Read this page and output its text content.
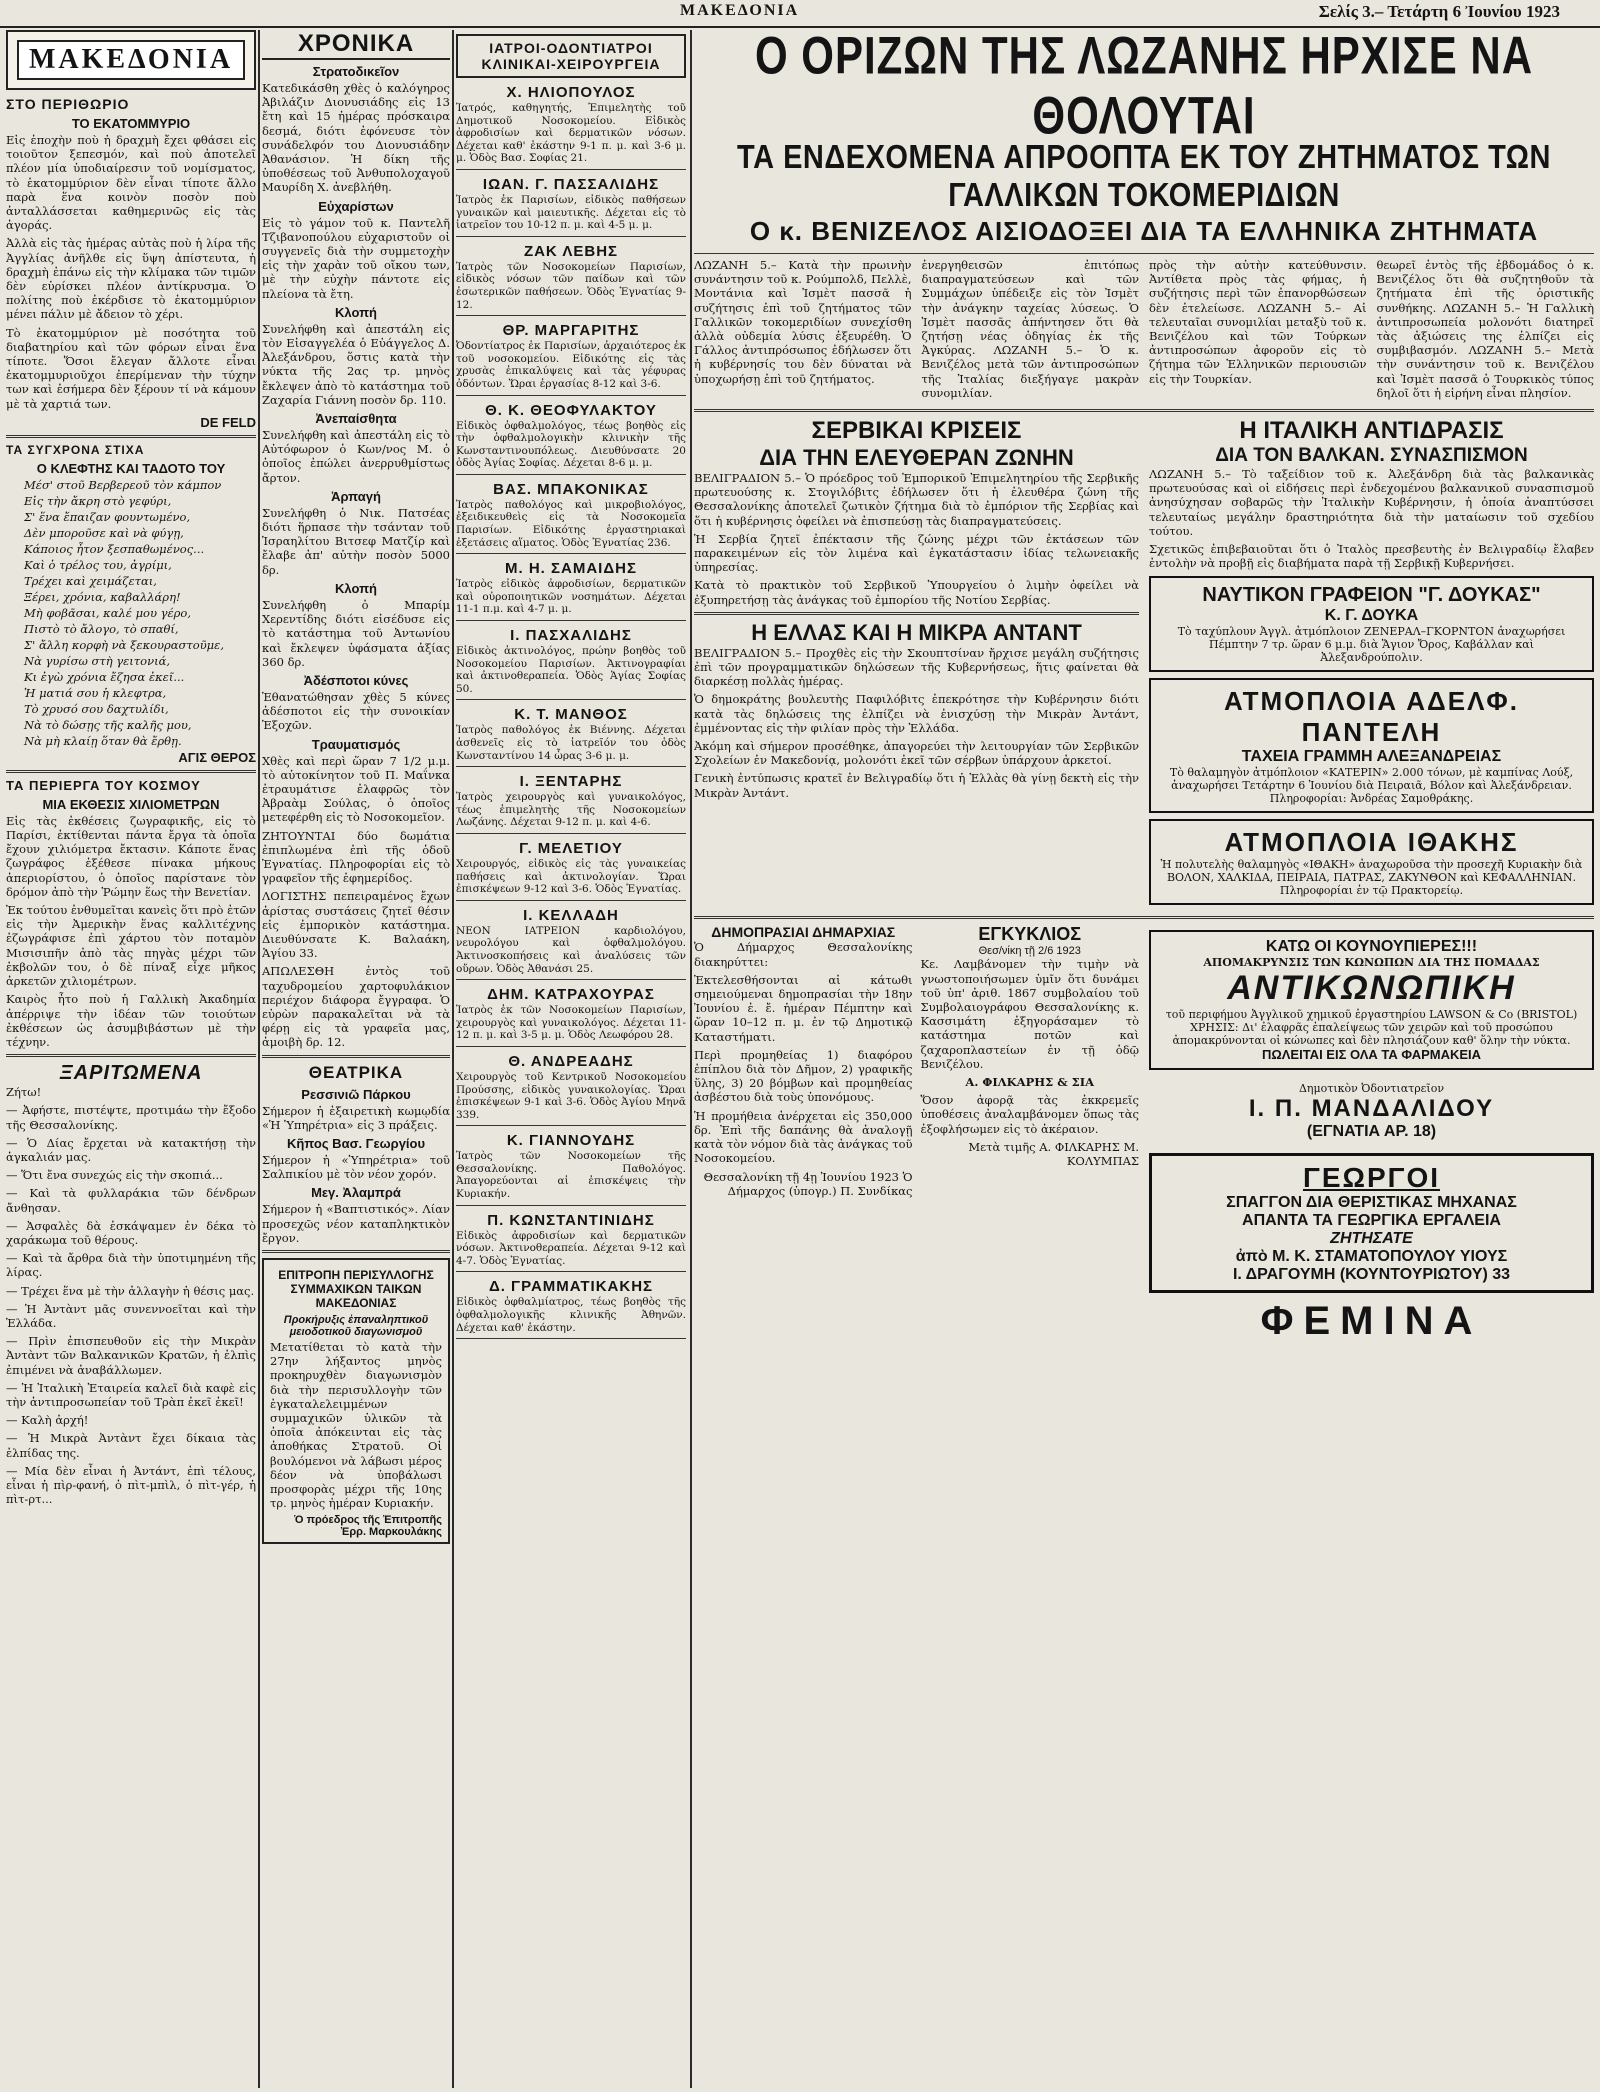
ΜΑΚΕΔΟΝΙΑ	Σελίς 3.– Τετάρτη 6 Ἰουνίου 1923
ΜΑΚΕΔΟΝΙΑ
ΣΤΟ ΠΕΡΙΘΩΡΙΟ
ΤΟ ΕΚΑΤΟΜΜΥΡΙΟ

Εἰς ἐποχὴν ποὺ ἡ δραχμὴ ἔχει φθάσει εἰς τοιοῦτον ξεπεσμόν, καὶ ποὺ ἀποτελεῖ πλέον μία ὑποδιαίρεσιν τοῦ νομίσματος, τὸ ἑκατομμύριον δὲν εἶναι τίποτε ἄλλο παρὰ ἕνα κοινὸν ποσὸν ποὺ ἀνταλλάσσεται καθημερινῶς εἰς τὰς ἀγοράς.

Ἀλλὰ εἰς τὰς ἡμέρας αὐτὰς ποὺ ἡ λίρα τῆς Ἀγγλίας ἀνῆλθε εἰς ὕψη ἀπίστευτα, ἡ δραχμὴ ἐπάνω εἰς τὴν κλίμακα τῶν τιμῶν δὲν εὑρίσκει πλέον ἀντίκρυσμα. Ὁ πολίτης ποὺ ἐκέρδισε τὸ ἑκατομμύριον μένει πάλιν μὲ ἄδειον τὸ χέρι.

Τὸ ἑκατομμύριον μὲ ποσότητα τοῦ διαβατηρίου καὶ τῶν φόρων εἶναι ἕνα τίποτε. Ὅσοι ἔλεγαν ἄλλοτε εἶναι ἐκατομμυριοῦχοι ἐπερίμεναν τὴν τύχην των καὶ ἐσήμερα δὲν ξέρουν τί νὰ κάμουν μὲ τὰ χαρτιά των.

DE FELD
ΤΑ ΣΥΓΧΡΟΝΑ ΣΤΙΧΑ
Ο ΚΛΕΦΤΗΣ ΚΑΙ ΤΑΔΟΤΟ ΤΟΥ
Μέσ' στοῦ Βερβερεοῦ τὸν κάμπον
Εἰς τὴν ἄκρη στὸ γεφύρι,
Σ' ἕνα ἔπαιζαν φουντωμένο,
Δὲν μποροῦσε καὶ νὰ φύγῃ,
Κάποιος ἦτον ξεσπαθωμένος...
Καὶ ὁ τρέλος του, ἀγρίμι,
Τρέχει καὶ χειμάζεται,
Ξέρει, χρόνια, καβαλλάρη!
Μὴ φοβᾶσαι, καλέ μου γέρο,
Πιστὸ τὸ ἄλογο, τὸ σπαθί,
Σ' ἄλλη κορφὴ νὰ ξεκουραστοῦμε,
Νὰ γυρίσω στὴ γειτονιά,
Κι ἐγὼ χρόνια ἔζησα ἐκεῖ...
Ἡ ματιά σου ἡ κλεφτρα,
Τὸ χρυσό σου δαχτυλίδι,
Νὰ τὸ δώσῃς τῆς καλῆς μου,
Νὰ μὴ κλαίῃ ὅταν θὰ ἔρθῃ.
ΑΓΙΣ ΘΕΡΟΣ
ΤΑ ΠΕΡΙΕΡΓΑ ΤΟΥ ΚΟΣΜΟΥ
ΜΙΑ ΕΚΘΕΣΙΣ ΧΙΛΙΟΜΕΤΡΩΝ

Εἰς τὰς ἐκθέσεις ζωγραφικῆς, εἰς τὸ Παρίσι, ἐκτίθενται πάντα ἔργα τὰ ὁποῖα ἔχουν χιλιόμετρα ἔκτασιν. Κάποτε ἕνας ζωγράφος ἐξέθεσε πίνακα μήκους ἀπεριορίστου, ὁ ὁποῖος παρίστανε τὸν δρόμον ἀπὸ τὴν Ῥώμην ἕως τὴν Βενετίαν.

Ἐκ τούτου ἐνθυμεῖται κανεὶς ὅτι πρὸ ἐτῶν εἰς τὴν Ἀμερικὴν ἕνας καλλιτέχνης ἐζωγράφισε ἐπὶ χάρτου τὸν ποταμὸν Μισισιπῆν ἀπὸ τὰς πηγὰς μέχρι τῶν ἐκβολῶν του, ὁ δὲ πίναξ εἶχε μῆκος ἀρκετῶν χιλιομέτρων.

Καιρὸς ἦτο ποὺ ἡ Γαλλικὴ Ἀκαδημία ἀπέρριψε τὴν ἰδέαν τῶν τοιούτων ἐκθέσεων ὡς ἀσυμβιβάστων μὲ τὴν τέχνην.

ΞΑΡΙΤΩΜΕΝΑ

Ζήτω!

— Ἀφήστε, πιστέψτε, προτιμάω τὴν ἔξοδο τῆς Θεσσαλονίκης.

— Ὁ Δίας ἔρχεται νὰ κατακτήσῃ τὴν ἀγκαλιάν μας.

— Ὅτι ἔνα συνεχώς εἰς τὴν σκοπιά...

— Καὶ τὰ φυλλαράκια τῶν δένδρων ἄνθησαν.

— Ἀσφαλὲς δὰ ἐσκάψαμεν ἐν δέκα τὸ χαράκωμα τοῦ θέρους.

— Καὶ τὰ ἄρθρα διὰ τὴν ὑποτιμημένη τῆς λίρας.

— Τρέχει ἕνα μὲ τὴν ἀλλαγὴν ἡ θέσις μας.

— Ἡ Ἀντὰντ μᾶς συνεννοεῖται καὶ τὴν Ἑλλάδα.

— Πρὶν ἐπισπευθοῦν εἰς τὴν Μικρὰν Ἀντὰντ τῶν Βαλκανικῶν Κρατῶν, ἡ ἐλπὶς ἐπιμένει νὰ ἀναβάλλωμεν.

— Ἡ Ἰταλικὴ Ἑταιρεία καλεῖ διὰ καφὲ εἰς τὴν ἀντιπροσωπείαν τοῦ Τρὰπ ἐκεῖ ἐκεῖ!

— Καλὴ ἀρχή!

— Ἡ Μικρὰ Ἀντὰντ ἔχει δίκαια τὰς ἐλπίδας της.

— Μία δὲν εἶναι ἡ Ἀντάντ, ἐπὶ τέλους, εἶναι ἡ πὶρ-φανή, ὁ πὶτ-μπὶλ, ὁ πὶτ-γέρ, ἡ πὶτ-ρτ...

ΧΡΟΝΙΚΑ
Στρατοδικεῖον

Κατεδικάσθη χθὲς ὁ καλόγηρος Ἀβιλάζιν Διονυσιάδης εἰς 13 ἔτη καὶ 15 ἡμέρας πρόσκαιρα δεσμά, διότι ἐφόνευσε τὸν συνάδελφόν του Διονυσιάδην Ἀθανάσιον. Ἡ δίκη τῆς ὑποθέσεως τοῦ Ἀνθυπολοχαγοῦ Μαυρίδη Χ. ἀνεβλήθη.

Εὐχαρίστων

Εἰς τὸ γάμον τοῦ κ. Παντελῆ Τζιβανοπούλου εὐχαριστοῦν οἱ συγγενεῖς διὰ τὴν συμμετοχὴν εἰς τὴν χαρὰν τοῦ οἴκου των, μὲ τὴν εὐχὴν πάντοτε εἰς πλείονα τὰ ἔτη.

Κλοπή

Συνελήφθη καὶ ἀπεστάλη εἰς τὸν Εἰσαγγελέα ὁ Εὐάγγελος Δ. Ἀλεξάνδρου, ὅστις κατὰ τὴν νύκτα τῆς 2ας τρ. μηνὸς ἔκλεψεν ἀπὸ τὸ κατάστημα τοῦ Ζαχαρία Γιάννη ποσὸν δρ. 110.

Ἀνεπαίσθητα

Συνελήφθη καὶ ἀπεστάλη εἰς τὸ Αὐτόφωρον ὁ Κων/νος Μ. ὁ ὁποῖος ἐπώλει ἀνερρυθμίστως ἄρτον.

Ἁρπαγή

Συνελήφθη ὁ Νικ. Πατσέας διότι ἥρπασε τὴν τσάνταν τοῦ Ἰσραηλίτου Βιτσεφ Ματζίρ καὶ ἔλαβε ἀπ' αὐτὴν ποσὸν 5000 δρ.

Κλοπή

Συνελήφθη ὁ Μπαρίμ Χερεντίδης διότι εἰσέδυσε εἰς τὸ κατάστημα τοῦ Ἀντωνίου καὶ ἔκλεψεν ὑφάσματα ἀξίας 360 δρ.

Ἀδέσποτοι κύνες

Ἐθανατώθησαν χθὲς 5 κύνες ἀδέσποτοι εἰς τὴν συνοικίαν Ἐξοχῶν.

Τραυματισμός

Χθὲς καὶ περὶ ὥραν 7 1/2 μ.μ. τὸ αὐτοκίνητον τοῦ Π. Μαΐνκα ἐτραυμάτισε ἐλαφρῶς τὸν Ἀβραὰμ Σούλας, ὁ ὁποῖος μετεφέρθη εἰς τὸ Νοσοκομεῖον.

ΖΗΤΟΥΝΤΑΙ δύο δωμάτια ἐπιπλωμένα ἐπὶ τῆς ὁδοῦ Ἐγνατίας. Πληροφορίαι εἰς τὸ γραφεῖον τῆς ἐφημερίδος.

ΛΟΓΙΣΤΗΣ πεπειραμένος ἔχων ἀρίστας συστάσεις ζητεῖ θέσιν εἰς ἐμπορικὸν κατάστημα. Διευθύνσατε Κ. Βαλαάκη, Ἁγίου 33.

ΑΠΩΛΕΣΘΗ ἐντὸς τοῦ ταχυδρομείου χαρτοφυλάκιον περιέχον διάφορα ἔγγραφα. Ὁ εὑρὼν παρακαλεῖται νὰ τὰ φέρῃ εἰς τὰ γραφεῖα μας, ἀμοιβὴ δρ. 12.

ΘΕΑΤΡΙΚΑ
Ρεσσινιῶ Πάρκου

Σήμερον ἡ ἐξαιρετικὴ κωμῳδία «Ἡ Ὑπηρέτρια» εἰς 3 πράξεις.

Κῆπος Βασ. Γεωργίου

Σήμερον ἡ «Ὑπηρέτρια» τοῦ Σαλπικίου μὲ τὸν νέον χορόν.

Μεγ. Ἀλαμπρά

Σήμερον ἡ «Βαπτιστικός». Λίαν προσεχῶς νέον καταπληκτικὸν ἔργον.

ΕΠΙΤΡΟΠΗ ΠΕΡΙΣΥΛΛΟΓΗΣ ΣΥΜΜΑΧΙΚΩΝ ΤΑΙΚΩΝ ΜΑΚΕΔΟΝΙΑΣ
Προκήρυξις ἐπαναληπτικοῦ μειοδοτικοῦ διαγωνισμοῦ

Μετατίθεται τὸ κατὰ τὴν 27ην λήξαντος μηνὸς προκηρυχθὲν διαγωνισμὸν διὰ τὴν περισυλλογὴν τῶν ἐγκαταλελειμμένων συμμαχικῶν ὑλικῶν τὰ ὁποῖα ἀπόκεινται εἰς τὰς ἀποθήκας Στρατοῦ. Οἱ βουλόμενοι νὰ λάβωσι μέρος δέον νὰ ὑποβάλωσι προσφορὰς μέχρι τῆς 10ης τρ. μηνὸς ἡμέραν Κυριακήν.

Ὁ πρόεδρος τῆς Ἐπιτροπῆς Ἐρρ. Μαρκουλάκης
ΙΑΤΡΟΙ-ΟΔΟΝΤΙΑΤΡΟΙ ΚΛΙΝΙΚΑΙ-ΧΕΙΡΟΥΡΓΕΙΑ
Χ. ΗΛΙΟΠΟΥΛΟΣ

Ἰατρός, καθηγητής, Ἐπιμελητὴς τοῦ Δημοτικοῦ Νοσοκομείου. Εἰδικὸς ἀφροδισίων καὶ δερματικῶν νόσων. Δέχεται καθ' ἑκάστην 9-1 π. μ. καὶ 3-6 μ. μ. Ὁδὸς Βασ. Σοφίας 21.

ΙΩΑΝ. Γ. ΠΑΣΣΑΛΙΔΗΣ

Ἰατρὸς ἐκ Παρισίων, εἰδικὸς παθήσεων γυναικῶν καὶ μαιευτικῆς. Δέχεται εἰς τὸ ἰατρεῖον του 10-12 π. μ. καὶ 4-5 μ. μ.

ΖΑΚ ΛΕΒΗΣ

Ἰατρὸς τῶν Νοσοκομείων Παρισίων, εἰδικὸς νόσων τῶν παίδων καὶ τῶν ἐσωτερικῶν παθήσεων. Ὁδὸς Ἐγνατίας 9-12.

ΘΡ. ΜΑΡΓΑΡΙΤΗΣ

Ὀδοντίατρος ἐκ Παρισίων, ἀρχαιότερος ἐκ τοῦ νοσοκομείου. Εἰδικότης εἰς τὰς χρυσὰς ἐπικαλύψεις καὶ τὰς γέφυρας ὀδόντων. Ὥραι ἐργασίας 8-12 καὶ 3-6.

Θ. Κ. ΘΕΟΦΥΛΑΚΤΟΥ

Εἰδικὸς ὀφθαλμολόγος, τέως βοηθὸς εἰς τὴν ὀφθαλμολογικὴν κλινικὴν τῆς Κωνσταντινουπόλεως. Διευθύνσατε 20 ὁδὸς Ἀγίας Σοφίας. Δέχεται 8-6 μ. μ.

ΒΑΣ. ΜΠΑΚΟΝΙΚΑΣ

Ἰατρὸς παθολόγος καὶ μικροβιολόγος, ἐξειδικευθεὶς εἰς τὰ Νοσοκομεῖα Παρισίων. Εἰδικότης ἐργαστηριακαὶ ἐξετάσεις αἵματος. Ὁδὸς Ἐγνατίας 236.

Μ. Η. ΣΑΜΑΙΔΗΣ

Ἰατρὸς εἰδικὸς ἀφροδισίων, δερματικῶν καὶ οὐροποιητικῶν νοσημάτων. Δέχεται 11-1 π.μ. καὶ 4-7 μ. μ.

Ι. ΠΑΣΧΑΛΙΔΗΣ

Εἰδικὸς ἀκτινολόγος, πρώην βοηθὸς τοῦ Νοσοκομείου Παρισίων. Ἀκτινογραφίαι καὶ ἀκτινοθεραπεία. Ὁδὸς Ἁγίας Σοφίας 50.

Κ. Τ. ΜΑΝΘΟΣ

Ἰατρὸς παθολόγος ἐκ Βιέννης. Δέχεται ἀσθενεῖς εἰς τὸ ἰατρεῖόν του ὁδὸς Κωνσταντίνου 14 ὧρας 3-6 μ. μ.

Ι. ΞΕΝΤΑΡΗΣ

Ἰατρὸς χειρουργὸς καὶ γυναικολόγος, τέως ἐπιμελητὴς τῆς Νοσοκομείων Λωζάνης. Δέχεται 9-12 π. μ. καὶ 4-6.

Γ. ΜΕΛΕΤΙΟΥ

Χειρουργός, εἰδικὸς εἰς τὰς γυναικείας παθήσεις καὶ ἀκτινολογίαν. Ὥραι ἐπισκέψεων 9-12 καὶ 3-6. Ὁδὸς Ἐγνατίας.

Ι. ΚΕΛΛΑΔΗ

ΝΕΟΝ ΙΑΤΡΕΙΟΝ καρδιολόγου, νευρολόγου καὶ ὀφθαλμολόγου. Ἀκτινοσκοπήσεις καὶ ἀναλύσεις τῶν οὔρων. Ὁδὸς Ἀθανάσι 25.

ΔΗΜ. ΚΑΤΡΑΧΟΥΡΑΣ

Ἰατρὸς ἐκ τῶν Νοσοκομείων Παρισίων, χειρουργὸς καὶ γυναικολόγος. Δέχεται 11-12 π. μ. καὶ 3-5 μ. μ. Ὁδὸς Λεωφόρου 28.

Θ. ΑΝΔΡΕΑΔΗΣ

Χειρουργὸς τοῦ Κεντρικοῦ Νοσοκομείου Προύσσης, εἰδικὸς γυναικολογίας. Ὥραι ἐπισκέψεων 9-1 καὶ 3-6. Ὁδὸς Ἀγίου Μηνᾶ 339.

Κ. ΓΙΑΝΝΟΥΔΗΣ

Ἰατρὸς τῶν Νοσοκομείων τῆς Θεσσαλονίκης. Παθολόγος. Ἀπαγορεύονται αἱ ἐπισκέψεις τὴν Κυριακήν.

Π. ΚΩΝΣΤΑΝΤΙΝΙΔΗΣ

Εἰδικὸς ἀφροδισίων καὶ δερματικῶν νόσων. Ἀκτινοθεραπεία. Δέχεται 9-12 καὶ 4-7. Ὁδὸς Ἐγνατίας.

Δ. ΓΡΑΜΜΑΤΙΚΑΚΗΣ

Εἰδικὸς ὀφθαλμίατρος, τέως βοηθὸς τῆς ὀφθαλμολογικῆς κλινικῆς Ἀθηνῶν. Δέχεται καθ' ἑκάστην.

Ο ΟΡΙΖΩΝ ΤΗΣ ΛΩΖΑΝΗΣ ΗΡΧΙΣΕ ΝΑ ΘΟΛΟΥΤΑΙ
ΤΑ ΕΝΔΕΧΟΜΕΝΑ ΑΠΡΟΟΠΤΑ ΕΚ ΤΟΥ ΖΗΤΗΜΑΤΟΣ ΤΩΝ ΓΑΛΛΙΚΩΝ ΤΟΚΟΜΕΡΙΔΙΩΝ
Ο κ. ΒΕΝΙΖΕΛΟΣ ΑΙΣΙΟΔΟΞΕΙ ΔΙΑ ΤΑ ΕΛΛΗΝΙΚΑ ΖΗΤΗΜΑΤΑ

ΛΩΖΑΝΗ 5.– Κατὰ τὴν πρωινὴν συνάντησιν τοῦ κ. Ρούμπολδ, Πελλὲ, Μοντάνια καὶ Ἰσμὲτ πασσᾶ ἡ συζήτησις ἐπὶ τοῦ ζητήματος τῶν Γαλλικῶν τοκομεριδίων συνεχίσθη ἀλλὰ οὐδεμία λύσις ἐξευρέθη. Ὁ Γάλλος ἀντιπρόσωπος ἐδήλωσεν ὅτι ἡ κυβέρνησίς του δὲν δύναται νὰ ὑποχωρήσῃ ἐπὶ τοῦ ζητήματος.

ἐνεργηθεισῶν ἐπιτόπως διαπραγματεύσεων καὶ τῶν Συμμάχων ὑπέδειξε εἰς τὸν Ἰσμὲτ τὴν ἀνάγκην ταχείας λύσεως. Ὁ Ἰσμὲτ πασσᾶς ἀπήντησεν ὅτι θὰ ζητήσῃ νέας ὁδηγίας ἐκ τῆς Ἀγκύρας. ΛΩΖΑΝΗ 5.– Ὁ κ. Βενιζέλος μετὰ τῶν ἀντιπροσώπων τῆς Ἰταλίας διεξήγαγε μακρὰν συνομιλίαν.

πρὸς τὴν αὐτὴν κατεύθυνσιν. Ἀντίθετα πρὸς τὰς φήμας, ἡ συζήτησις περὶ τῶν ἐπανορθώσεων δὲν ἐτελείωσε. ΛΩΖΑΝΗ 5.– Αἱ τελευταῖαι συνομιλίαι μεταξὺ τοῦ κ. Βενιζέλου καὶ τῶν Τούρκων ἀντιπροσώπων ἀφοροῦν εἰς τὸ ζήτημα τῶν Ἑλληνικῶν περιουσιῶν εἰς τὴν Τουρκίαν.

θεωρεῖ ἐντὸς τῆς ἑβδομάδος ὁ κ. Βενιζέλος ὅτι θὰ συζητηθοῦν τὰ ζητήματα ἐπὶ τῆς ὁριστικῆς συνθήκης. ΛΩΖΑΝΗ 5.– Ἡ Γαλλικὴ ἀντιπροσωπεία μολονότι διατηρεῖ τὰς ἀξιώσεις της ἐλπίζει εἰς συμβιβασμόν. ΛΩΖΑΝΗ 5.– Μετὰ τὴν συνάντησιν τοῦ κ. Βενιζέλου καὶ Ἰσμὲτ πασσᾶ ὁ Τουρκικὸς τύπος δηλοῖ ὅτι ἡ εἰρήνη εἶναι πλησίον.

ΣΕΡΒΙΚΑΙ ΚΡΙΣΕΙΣ
ΔΙΑ ΤΗΝ ΕΛΕΥΘΕΡΑΝ ΖΩΝΗΝ

ΒΕΛΙΓΡΑΔΙΟΝ 5.– Ὁ πρόεδρος τοῦ Ἐμπορικοῦ Ἐπιμελητηρίου τῆς Σερβικῆς πρωτευούσης κ. Στογιλόβιτς ἐδήλωσεν ὅτι ἡ ἐλευθέρα ζώνη τῆς Θεσσαλονίκης ἀποτελεῖ ζωτικὸν ζήτημα διὰ τὸ ἐμπόριον τῆς Σερβίας καὶ ὅτι ἡ κυβέρνησις ὀφείλει νὰ ἐπισπεύσῃ τὰς διαπραγματεύσεις.

Ἡ Σερβία ζητεῖ ἐπέκτασιν τῆς ζώνης μέχρι τῶν ἐκτάσεων τῶν παρακειμένων εἰς τὸν λιμένα καὶ ἐγκατάστασιν ἰδίας τελωνειακῆς ὑπηρεσίας.

Κατὰ τὸ πρακτικὸν τοῦ Σερβικοῦ Ὑπουργείου ὁ λιμὴν ὀφείλει νὰ ἐξυπηρετήσῃ τὰς ἀνάγκας τοῦ ἐμπορίου τῆς Νοτίου Σερβίας.

Η ΕΛΛΑΣ ΚΑΙ Η ΜΙΚΡΑ ΑΝΤΑΝΤ

ΒΕΛΙΓΡΑΔΙΟΝ 5.– Προχθὲς εἰς τὴν Σκουπτσίναν ἤρχισε μεγάλη συζήτησις ἐπὶ τῶν προγραμματικῶν δηλώσεων τῆς Κυβερνήσεως, ἥτις φαίνεται θὰ διαρκέσῃ πολλὰς ἡμέρας.

Ὁ δημοκράτης βουλευτὴς Παφιλόβιτς ἐπεκρότησε τὴν Κυβέρνησιν διότι κατὰ τὰς δηλώσεις της ἐλπίζει νὰ ἐνισχύσῃ τὴν Μικρὰν Ἀντάντ, ἐμμένοντας εἰς τὴν φιλίαν πρὸς τὴν Ἑλλάδα.

Ἀκόμη καὶ σήμερον προσέθηκε, ἀπαγορεύει τὴν λειτουργίαν τῶν Σερβικῶν Σχολείων ἐν Μακεδονίᾳ, μολονότι ἐκεῖ τῶν σέρβων ὑπάρχουν ἀρκετοί.

Γενικὴ ἐντύπωσις κρατεῖ ἐν Βελιγραδίῳ ὅτι ἡ Ἑλλὰς θὰ γίνῃ δεκτὴ εἰς τὴν Μικρὰν Ἀντάντ.

Η ΙΤΑΛΙΚΗ ΑΝΤΙΔΡΑΣΙΣ
ΔΙΑ ΤΟΝ ΒΑΛΚΑΝ. ΣΥΝΑΣΠΙΣΜΟΝ

ΛΩΖΑΝΗ 5.– Τὸ ταξείδιον τοῦ κ. Ἀλεξάνδρη διὰ τὰς βαλκανικὰς πρωτευούσας καὶ οἱ εἰδήσεις περὶ ἐνδεχομένου βαλκανικοῦ συνασπισμοῦ ἀνησύχησαν σοβαρῶς τὴν Ἰταλικὴν Κυβέρνησιν, ἡ ὁποία ἀναπτύσσει τελευταίως μεγάλην δραστηριότητα διὰ τὴν ματαίωσιν τοῦ σχεδίου τούτου.

Σχετικῶς ἐπιβεβαιοῦται ὅτι ὁ Ἰταλὸς πρεσβευτὴς ἐν Βελιγραδίῳ ἔλαβεν ἐντολὴν νὰ προβῇ εἰς διαβήματα παρὰ τῇ Σερβικῇ Κυβερνήσει.

ΝΑΥΤΙΚΟΝ ΓΡΑΦΕΙΟΝ "Γ. ΔΟΥΚΑΣ"
Κ. Γ. ΔΟΥΚΑ
Τὸ ταχύπλουν Ἀγγλ. ἀτμόπλοιον ΖΕΝΕΡΑΛ–ΓΚΟΡΝΤΟΝ ἀναχωρήσει Πέμπτην 7 τρ. ὥραν 6 μ.μ. διὰ Ἅγιον Ὄρος, Καβάλλαν καὶ Ἀλεξανδρούπολιν.
ΑΤΜΟΠΛΟΙΑ ΑΔΕΛΦ. ΠΑΝΤΕΛΗ
ΤΑΧΕΙΑ ΓΡΑΜΜΗ ΑΛΕΞΑΝΔΡΕΙΑΣ
Τὸ θαλαμηγὸν ἀτμόπλοιον «ΚΑΤΕΡΙΝ» 2.000 τόνων, μὲ καμπίνας Λούξ, ἀναχωρήσει Τετάρτην 6 Ἰουνίου διὰ Πειραιᾶ, Βόλον καὶ Ἀλεξάνδρειαν. Πληροφορίαι: Ἀνδρέας Σαμοθράκης.
ΑΤΜΟΠΛΟΙΑ ΙΘΑΚΗΣ
Ἡ πολυτελὴς θαλαμηγὸς «ΙΘΑΚΗ» ἀναχωροῦσα τὴν προσεχῆ Κυριακὴν διὰ ΒΟΛΟΝ, ΧΑΛΚΙΔΑ, ΠΕΙΡΑΙΑ, ΠΑΤΡΑΣ, ΖΑΚΥΝΘΟΝ καὶ ΚΕΦΑΛΛΗΝΙΑΝ. Πληροφορίαι ἐν τῷ Πρακτορείῳ.
ΔΗΜΟΠΡΑΣΙΑΙ ΔΗΜΑΡΧΙΑΣ

Ὁ Δήμαρχος Θεσσαλονίκης διακηρύττει:

Ἐκτελεσθήσονται αἱ κάτωθι σημειούμεναι δημοπρασίαι τὴν 18ην Ἰουνίου ἐ. ἔ. ἡμέραν Πέμπτην καὶ ὥραν 10–12 π. μ. ἐν τῷ Δημοτικῷ Καταστήματι.

Περὶ προμηθείας 1) διαφόρου ἐπίπλου διὰ τὸν Δῆμον, 2) γραφικῆς ὕλης, 3) 20 βόμβων καὶ προμηθείας ἀσβέστου διὰ τοὺς ὑπονόμους.

Ἡ προμήθεια ἀνέρχεται εἰς 350,000 δρ. Ἐπὶ τῆς δαπάνης θὰ ἀναλογῇ κατὰ τὸν νόμον διὰ τὰς ἀνάγκας τοῦ Νοσοκομείου.

Θεσσαλονίκη τῇ 4ῃ Ἰουνίου 1923 Ὁ Δήμαρχος (ὑπογρ.) Π. Συνδίκας

ΕΓΚΥΚΛΙΟΣ
Θεσ/νίκη τῇ 2/6 1923

Κε. Λαμβάνομεν τὴν τιμὴν νὰ γνωστοποιήσωμεν ὑμῖν ὅτι δυνάμει τοῦ ὑπ' ἀριθ. 1867 συμβολαίου τοῦ Συμβολαιογράφου Θεσσαλονίκης κ. Κασσιμάτη ἐξηγοράσαμεν τὸ κατάστημα ποτῶν καὶ ζαχαροπλαστείων ἐν τῇ ὁδῷ Βενιζέλου.

Α. ΦΙΛΚΑΡΗΣ & ΣΙΑ

Ὅσον ἀφορᾷ τὰς ἐκκρεμεῖς ὑποθέσεις ἀναλαμβάνομεν ὅπως τὰς ἐξοφλήσωμεν εἰς τὸ ἀκέραιον.

Μετὰ τιμῆς Α. ΦΙΛΚΑΡΗΣ Μ. ΚΟΛΥΜΠΑΣ

ΚΑΤΩ ΟΙ ΚΟΥΝΟΥΠΙΕΡΕΣ!!!
ΑΠΟΜΑΚΡΥΝΣΙΣ ΤΩΝ ΚΩΝΩΠΩΝ ΔΙΑ ΤΗΣ ΠΟΜΑΔΑΣ
ΑΝΤΙΚΩΝΩΠΙΚΗ
τοῦ περιφήμου Ἀγγλικοῦ χημικοῦ ἐργαστηρίου LAWSON & Co (BRISTOL)
ΧΡΗΣΙΣ: Δι' ἐλαφρᾶς ἐπαλείψεως τῶν χειρῶν καὶ τοῦ προσώπου ἀπομακρύνονται οἱ κώνωπες καὶ δὲν πλησιάζουν καθ' ὅλην τὴν νύκτα.
ΠΩΛΕΙΤΑΙ ΕΙΣ ΟΛΑ ΤΑ ΦΑΡΜΑΚΕΙΑ
Δημοτικὸν Ὀδοντιατρεῖον
Ι. Π. ΜΑΝΔΑΛΙΔΟΥ
(ΕΓΝΑΤΙΑ ΑΡ. 18)
ΓΕΩΡΓΟΙ
ΣΠΑΓΓΟΝ ΔΙΑ ΘΕΡΙΣΤΙΚΑΣ ΜΗΧΑΝΑΣ
ΑΠΑΝΤΑ ΤΑ ΓΕΩΡΓΙΚΑ ΕΡΓΑΛΕΙΑ
ΖΗΤΗΣΑΤΕ
ἀπὸ Μ. Κ. ΣΤΑΜΑΤΟΠΟΥΛΟΥ ΥΙΟΥΣ
Ι. ΔΡΑΓΟΥΜΗ (ΚΟΥΝΤΟΥΡΙΩΤΟΥ) 33
ΦΕΜΙΝΑ
